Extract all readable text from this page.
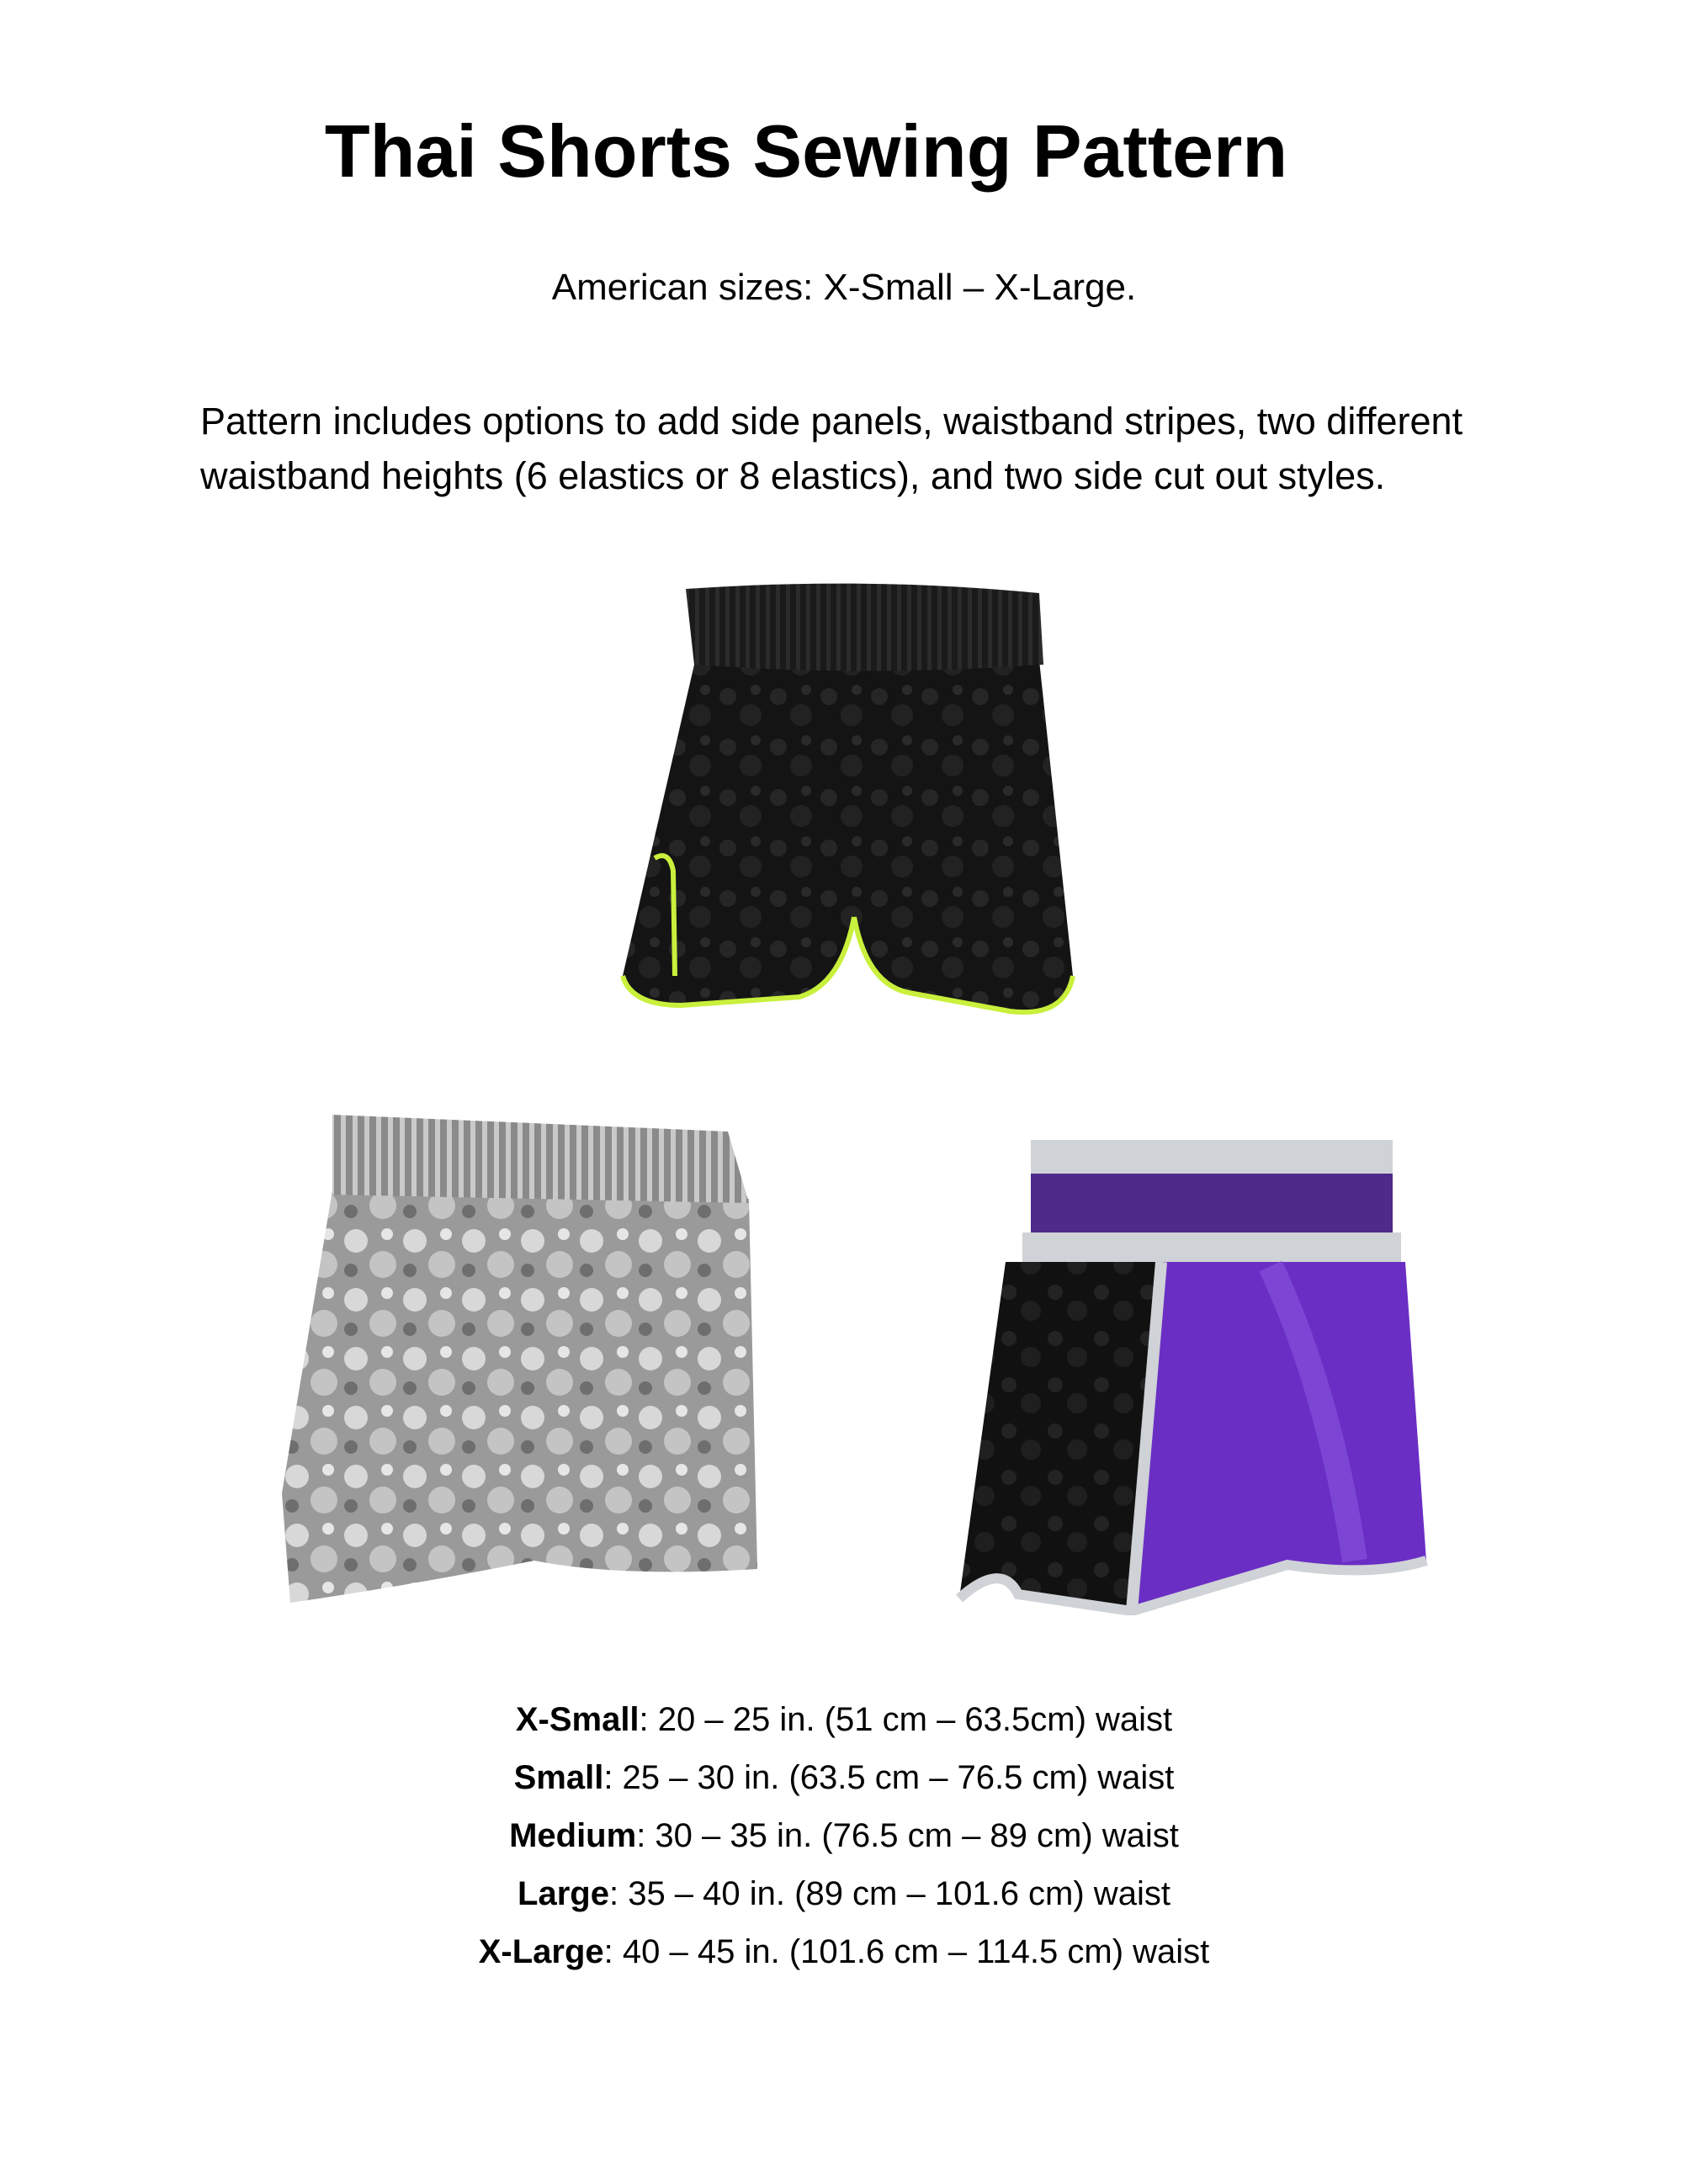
Thai Shorts Sewing Pattern

American sizes: X-Small – X-Large.

Pattern includes options to add side panels, waistband stripes, two different waistband heights (6 elastics or 8 elastics), and two side cut out styles.

X-Small: 20 – 25 in. (51 cm – 63.5cm) waist
Small: 25 – 30 in. (63.5 cm – 76.5 cm) waist
Medium: 30 – 35 in. (76.5 cm – 89 cm) waist
Large: 35 – 40 in. (89 cm – 101.6 cm) waist
X-Large: 40 – 45 in. (101.6 cm – 114.5 cm) waist
